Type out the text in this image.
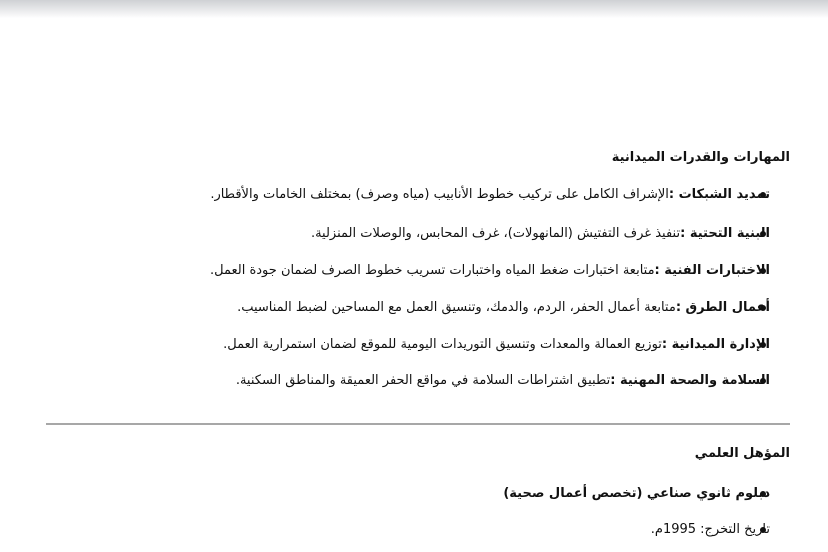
المهارات والقدرات الميدانية
تمديد الشبكات :الإشراف الكامل على تركيب خطوط الأنابيب (مياه وصرف) بمختلف الخامات والأقطار.
البنية التحتية :تنفيذ غرف التفتيش (المانهولات)، غرف المحابس، والوصلات المنزلية.
الاختبارات الفنية :متابعة اختبارات ضغط المياه واختبارات تسريب خطوط الصرف لضمان جودة العمل.
أعمال الطرق :متابعة أعمال الحفر، الردم، والدمك، وتنسيق العمل مع المساحين لضبط المناسيب.
الإدارة الميدانية :توزيع العمالة والمعدات وتنسيق التوريدات اليومية للموقع لضمان استمرارية العمل.
السلامة والصحة المهنية :تطبيق اشتراطات السلامة في مواقع الحفر العميقة والمناطق السكنية.
المؤهل العلمي
دبلوم ثانوي صناعي (تخصص أعمال صحية)
تاريخ التخرج: 1995م.
